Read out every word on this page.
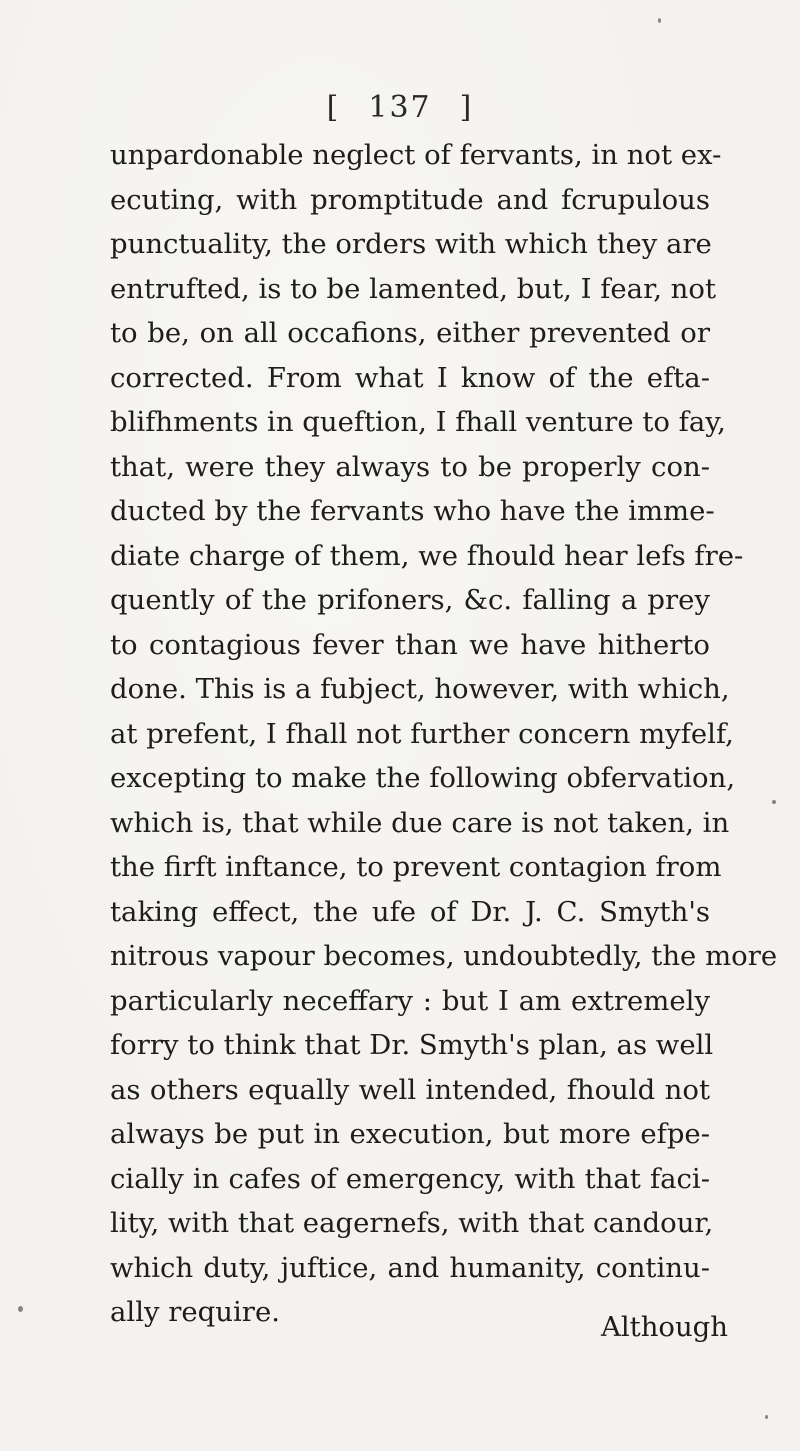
[ 137 ]
unpardonable neglect of fervants, in not ex-
ecuting, with promptitude and fcrupulous
punctuality, the orders with which they are
entrufted, is to be lamented, but, I fear, not
to be, on all occafions, either prevented or
corrected. From what I know of the efta-
blifhments in queftion, I fhall venture to fay,
that, were they always to be properly con-
ducted by the fervants who have the imme-
diate charge of them, we fhould hear lefs fre-
quently of the prifoners, &c. falling a prey
to contagious fever than we have hitherto
done. This is a fubject, however, with which,
at prefent, I fhall not further concern myfelf,
excepting to make the following obfervation,
which is, that while due care is not taken, in
the firft inftance, to prevent contagion from
taking effect, the ufe of Dr. J. C. Smyth's
nitrous vapour becomes, undoubtedly, the more
particularly neceffary : but I am extremely
forry to think that Dr. Smyth's plan, as well
as others equally well intended, fhould not
always be put in execution, but more efpe-
cially in cafes of emergency, with that faci-
lity, with that eagernefs, with that candour,
which duty, juftice, and humanity, continu-
ally require.	Although
